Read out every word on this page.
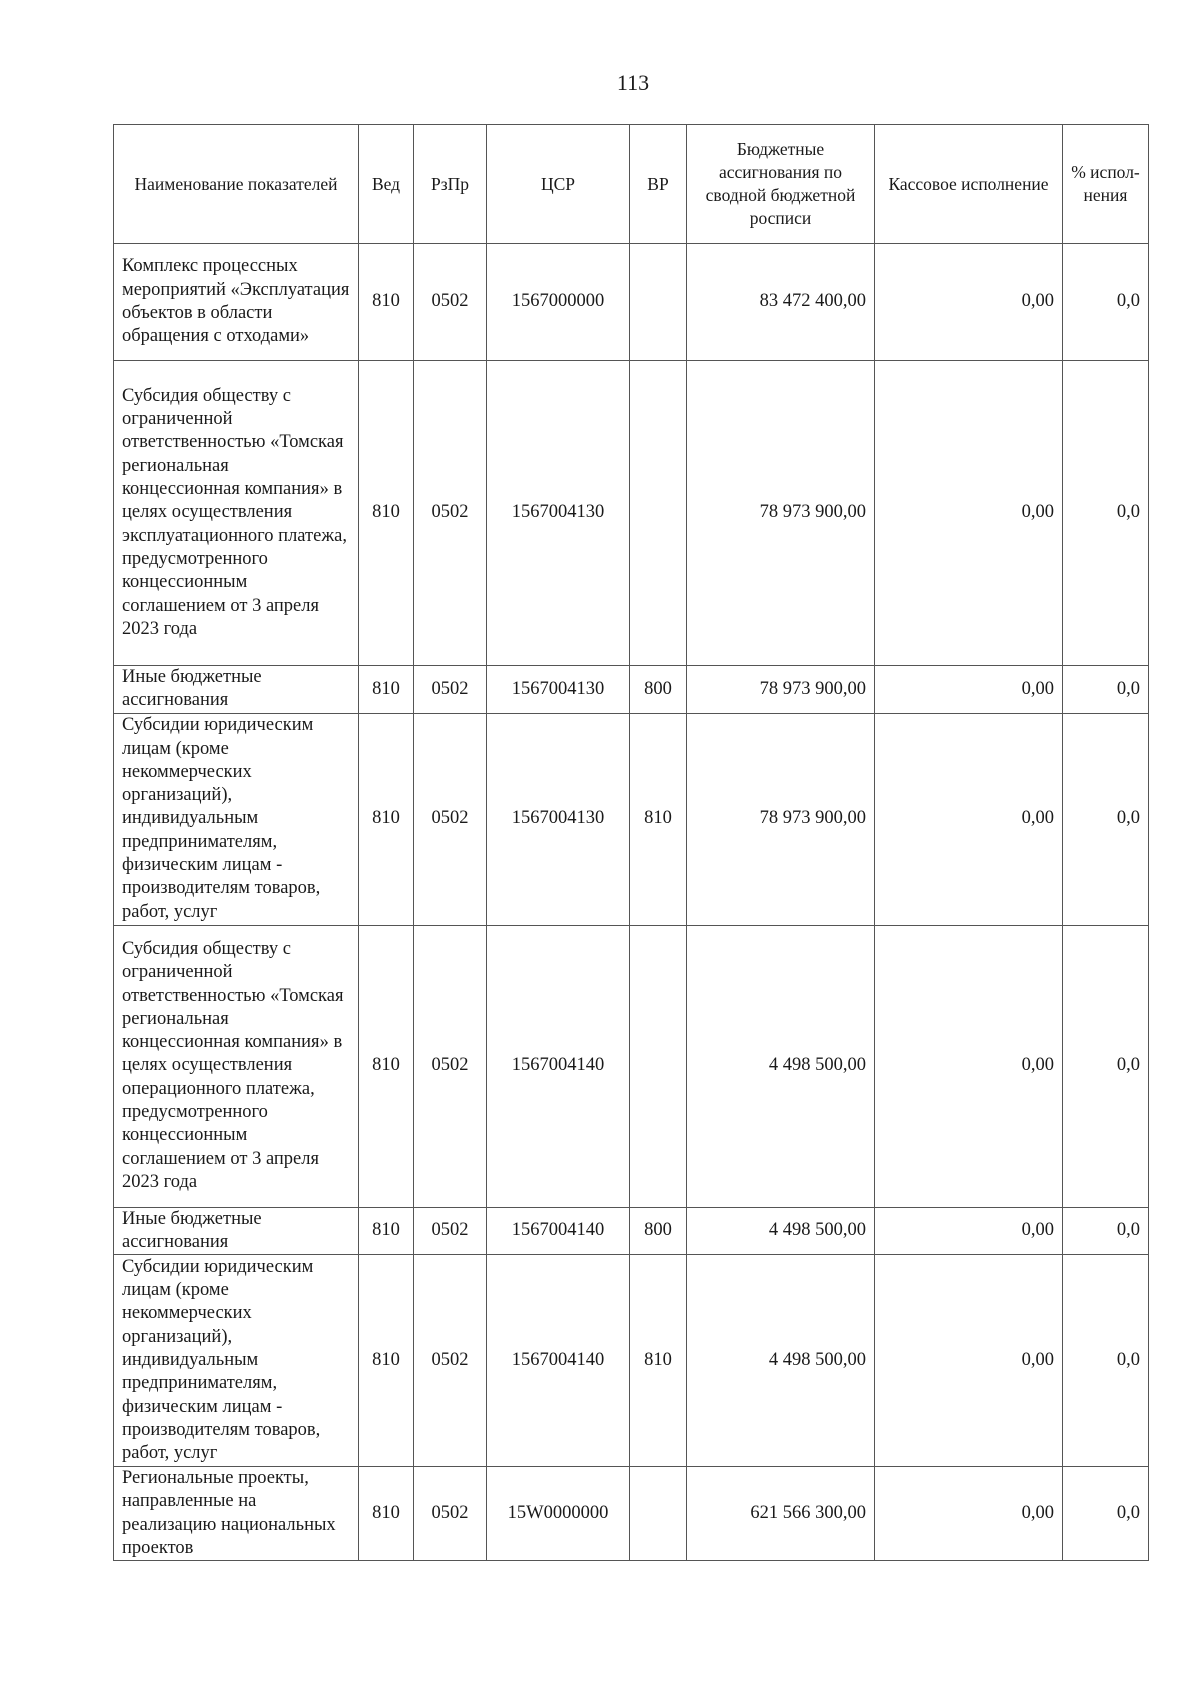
113
Наименование показателей	Вед	РзПр	ЦСР	ВР	Бюджетные ассигнования по сводной бюджетной росписи	Кассовое исполнение	% испол-нения
Комплекс процессных мероприятий «Эксплуатация объектов в области обращения с отходами»	810	0502	1567000000		83 472 400,00	0,00	0,0
Субсидия обществу с ограниченной ответственностью «Томская региональная концессионная компания» в целях осуществления эксплуатационного платежа, предусмотренного концессионным соглашением от 3 апреля 2023 года	810	0502	1567004130		78 973 900,00	0,00	0,0
Иные бюджетные ассигнования	810	0502	1567004130	800	78 973 900,00	0,00	0,0
Субсидии юридическим лицам (кроме некоммерческих организаций), индивидуальным предпринимателям, физическим лицам - производителям товаров, работ, услуг	810	0502	1567004130	810	78 973 900,00	0,00	0,0
Субсидия обществу с ограниченной ответственностью «Томская региональная концессионная компания» в целях осуществления операционного платежа, предусмотренного концессионным соглашением от 3 апреля 2023 года	810	0502	1567004140		4 498 500,00	0,00	0,0
Иные бюджетные ассигнования	810	0502	1567004140	800	4 498 500,00	0,00	0,0
Субсидии юридическим лицам (кроме некоммерческих организаций), индивидуальным предпринимателям, физическим лицам - производителям товаров, работ, услуг	810	0502	1567004140	810	4 498 500,00	0,00	0,0
Региональные проекты, направленные на реализацию национальных проектов	810	0502	15W0000000		621 566 300,00	0,00	0,0
